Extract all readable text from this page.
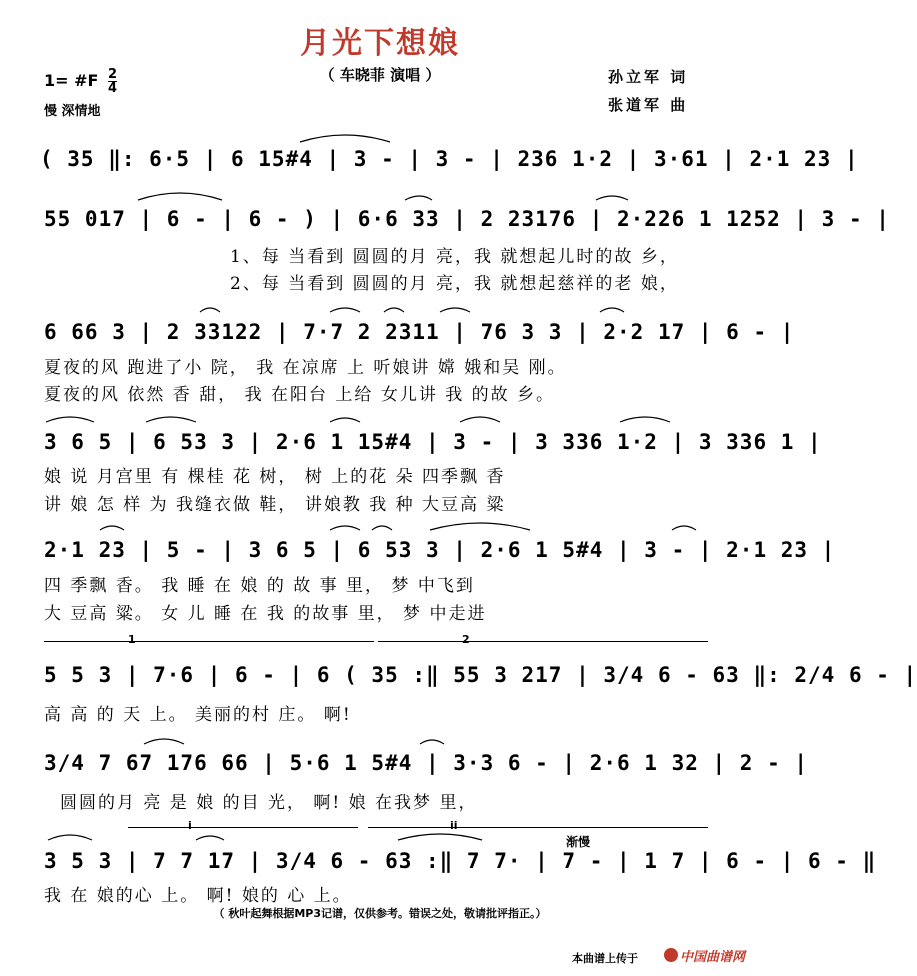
月光下想娘
（ 车晓菲 演唱 ）
1= #F $\frac{2}{4}$
慢 深情地
孙立军 词
张道军 曲
( 35 ‖: 6·5 | 6 15#4 | 3 - | 3 - | 236 1·2 | 3·61 | 2·1 23 |
55 017 | 6 - | 6 - ) | 6·6 33 | 2 23176 | 2·226 1 1252 | 3 - |
1、每 当看到 圆圆的月 亮，我 就想起儿时的故 乡，
2、每 当看到 圆圆的月 亮，我 就想起慈祥的老 娘，
6 66 3 | 2 33122 | 7·7 2 2311 | 76 3 3 | 2·2 17 | 6 - |
夏夜的风 跑进了小 院， 我 在凉席 上 听娘讲 嫦 娥和吴 刚。
夏夜的风 依然 香 甜， 我 在阳台 上给 女儿讲 我 的故 乡。
3 6 5 | 6 53 3 | 2·6 1 15#4 | 3 - | 3 336 1·2 | 3 336 1 |
娘 说 月宫里 有 棵桂 花 树， 树 上的花 朵 四季飘 香
讲 娘 怎 样 为 我缝衣做 鞋， 讲娘教 我 种 大豆高 粱
2·1 23 | 5 - | 3 6 5 | 6 53 3 | 2·6 1 5#4 | 3 - | 2·1 23 |
四 季飘 香。 我 睡 在 娘 的 故 事 里， 梦 中飞到
大 豆高 粱。 女 儿 睡 在 我 的故事 里， 梦 中走进
1	2
5 5 3 | 7·6 | 6 - | 6 ( 35 :‖ 55 3 217 | 3/4 6 - 63 ‖: 2/4 6 - |
高 高 的 天 上。 美丽的村 庄。 啊!
3/4 7 67 176 66 | 5·6 1 5#4 | 3·3 6 - | 2·6 1 32 | 2 - |
圆圆的月 亮 是 娘 的目 光， 啊! 娘 在我梦 里，
i	ii
渐慢
3 5 3 | 7 7 17 | 3/4 6 - 63 :‖ 7 7· | 7 - | 1 7 | 6 - | 6 - ‖
我 在 娘的心 上。 啊! 娘的 心 上。
（ 秋叶起舞根据MP3记谱，仅供参考。错误之处，敬请批评指正。）
本曲谱上传于	中国曲谱网
